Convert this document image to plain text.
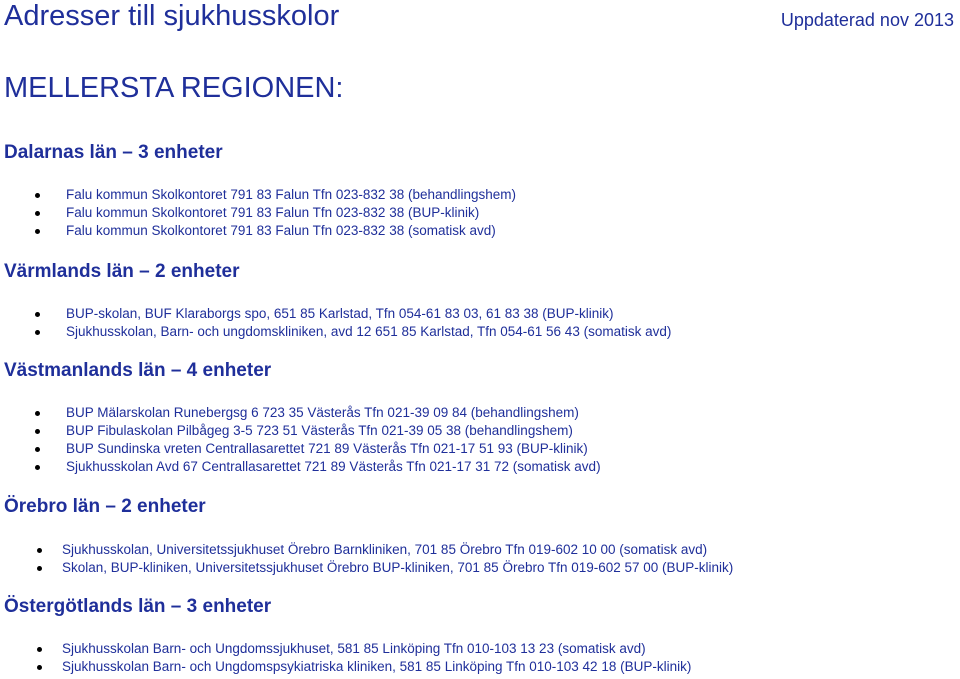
Adresser till sjukhusskolor	Uppdaterad nov 2013
MELLERSTA REGIONEN:
Dalarnas län – 3 enheter
Falu kommun Skolkontoret 791 83 Falun Tfn 023-832 38 (behandlingshem)
Falu kommun Skolkontoret 791 83 Falun Tfn 023-832 38 (BUP-klinik)
Falu kommun Skolkontoret 791 83 Falun Tfn 023-832 38 (somatisk avd)
Värmlands län – 2 enheter
BUP-skolan, BUF Klaraborgs spo, 651 85 Karlstad, Tfn 054-61 83 03, 61 83 38 (BUP-klinik)
Sjukhusskolan, Barn- och ungdomskliniken, avd 12 651 85 Karlstad, Tfn 054-61 56 43 (somatisk avd)
Västmanlands län – 4 enheter
BUP Mälarskolan Runebergsg 6 723 35 Västerås Tfn 021-39 09 84 (behandlingshem)
BUP Fibulaskolan Pilbågeg 3-5 723 51 Västerås Tfn 021-39 05 38 (behandlingshem)
BUP Sundinska vreten Centrallasarettet 721 89 Västerås Tfn 021-17 51 93 (BUP-klinik)
Sjukhusskolan Avd 67 Centrallasarettet 721 89 Västerås Tfn 021-17 31 72 (somatisk avd)
Örebro län – 2 enheter
Sjukhusskolan, Universitetssjukhuset Örebro Barnkliniken, 701 85 Örebro Tfn 019-602 10 00 (somatisk avd)
Skolan, BUP-kliniken, Universitetssjukhuset Örebro BUP-kliniken, 701 85 Örebro Tfn 019-602 57 00 (BUP-klinik)
Östergötlands län – 3 enheter
Sjukhusskolan Barn- och Ungdomssjukhuset, 581 85 Linköping Tfn 010-103 13 23 (somatisk avd)
Sjukhusskolan Barn- och Ungdomspsykiatriska kliniken, 581 85 Linköping Tfn 010-103 42 18 (BUP-klinik)
